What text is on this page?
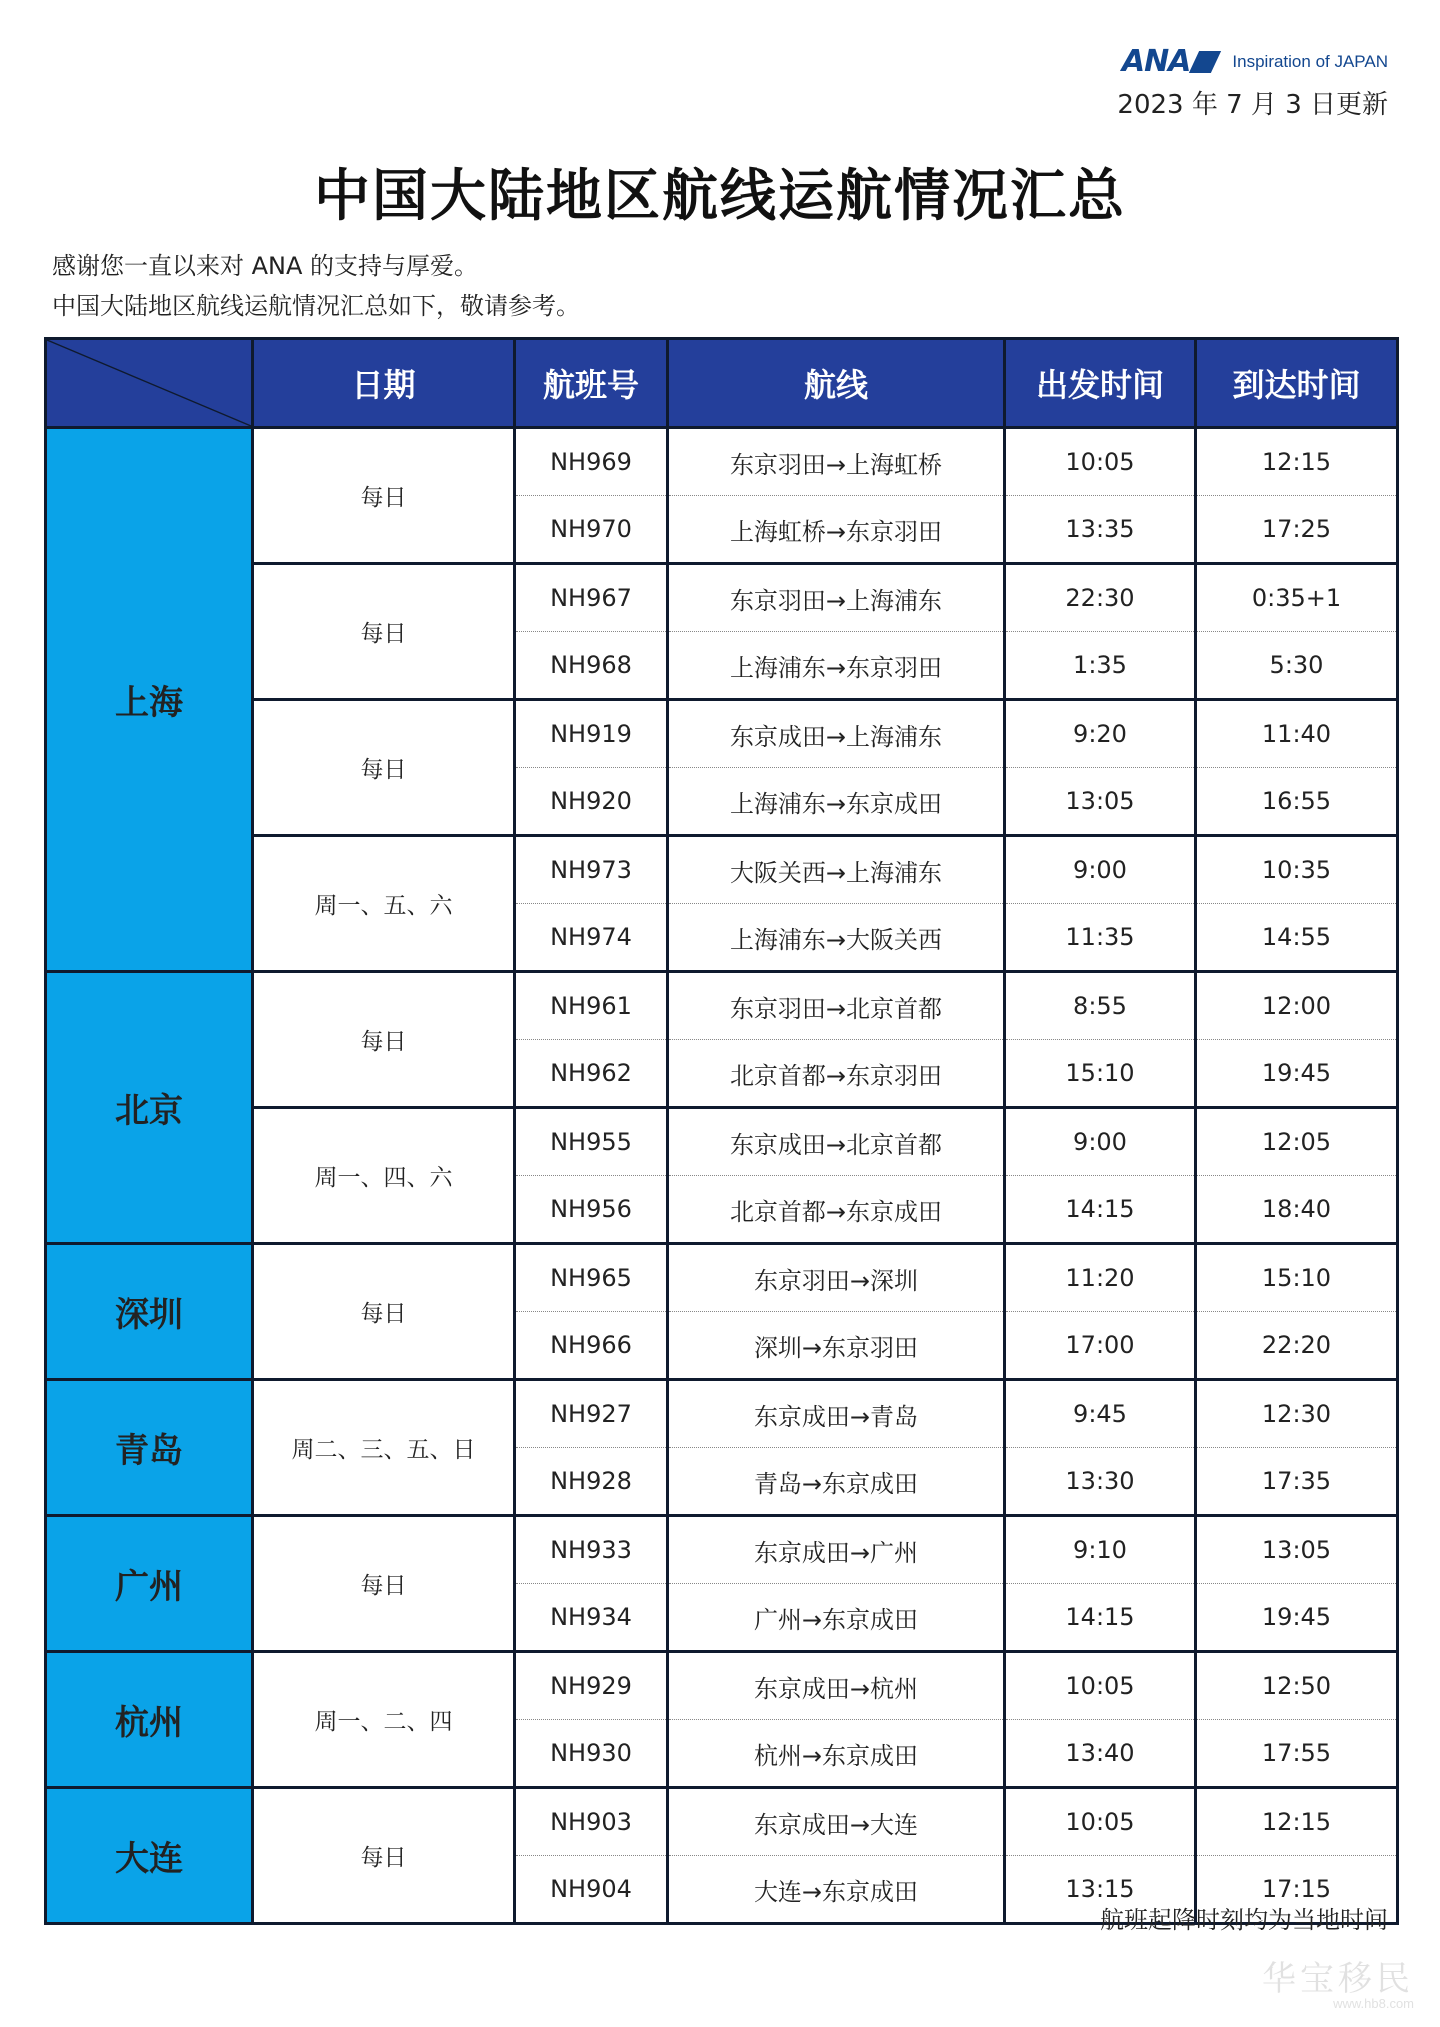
ANA Inspiration of JAPAN
2023 年 7 月 3 日更新
中国大陆地区航线运航情况汇总
感谢您一直以来对 ANA 的支持与厚爱。
中国大陆地区航线运航情况汇总如下，敬请参考。
	日期	航班号	航线	出发时间	到达时间
上海	每日	NH969	东京羽田→上海虹桥	10:05	12:15
		NH970	上海虹桥→东京羽田	13:35	17:25
	每日	NH967	东京羽田→上海浦东	22:30	0:35+1
		NH968	上海浦东→东京羽田	1:35	5:30
	每日	NH919	东京成田→上海浦东	9:20	11:40
		NH920	上海浦东→东京成田	13:05	16:55
	周一、五、六	NH973	大阪关西→上海浦东	9:00	10:35
		NH974	上海浦东→大阪关西	11:35	14:55
北京	每日	NH961	东京羽田→北京首都	8:55	12:00
		NH962	北京首都→东京羽田	15:10	19:45
	周一、四、六	NH955	东京成田→北京首都	9:00	12:05
		NH956	北京首都→东京成田	14:15	18:40
深圳	每日	NH965	东京羽田→深圳	11:20	15:10
		NH966	深圳→东京羽田	17:00	22:20
青岛	周二、三、五、日	NH927	东京成田→青岛	9:45	12:30
		NH928	青岛→东京成田	13:30	17:35
广州	每日	NH933	东京成田→广州	9:10	13:05
		NH934	广州→东京成田	14:15	19:45
杭州	周一、二、四	NH929	东京成田→杭州	10:05	12:50
		NH930	杭州→东京成田	13:40	17:55
大连	每日	NH903	东京成田→大连	10:05	12:15
		NH904	大连→东京成田	13:15	17:15
航班起降时刻均为当地时间
华宝移民
www.hb8.com
